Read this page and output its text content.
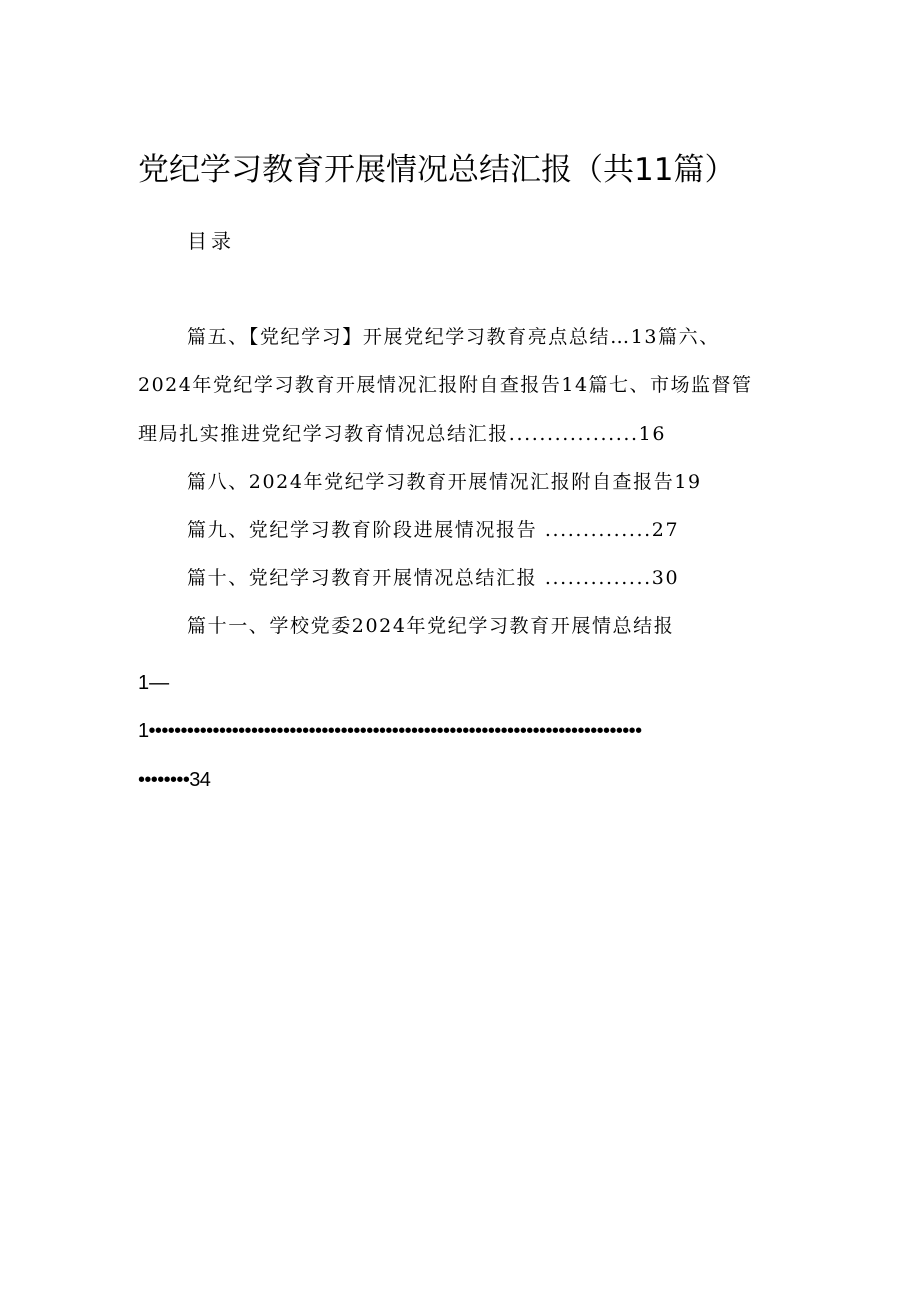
党纪学习教育开展情况总结汇报（共11篇）
目录
篇五、【党纪学习】开展党纪学习教育亮点总结…13篇六、
2024年党纪学习教育开展情况汇报附自查报告14篇七、市场监督管
理局扎实推进党纪学习教育情况总结汇报.................16
篇八、2024年党纪学习教育开展情况汇报附自查报告19
篇九、党纪学习教育阶段进展情况报告 ..............27
篇十、党纪学习教育开展情况总结汇报 ..............30
篇十一、学校党委2024年党纪学习教育开展情总结报
1—
1•••••••••••••••••••••••••••••••••••••••••••••••••••••••••••••••••••••••••••••
••••••••34
